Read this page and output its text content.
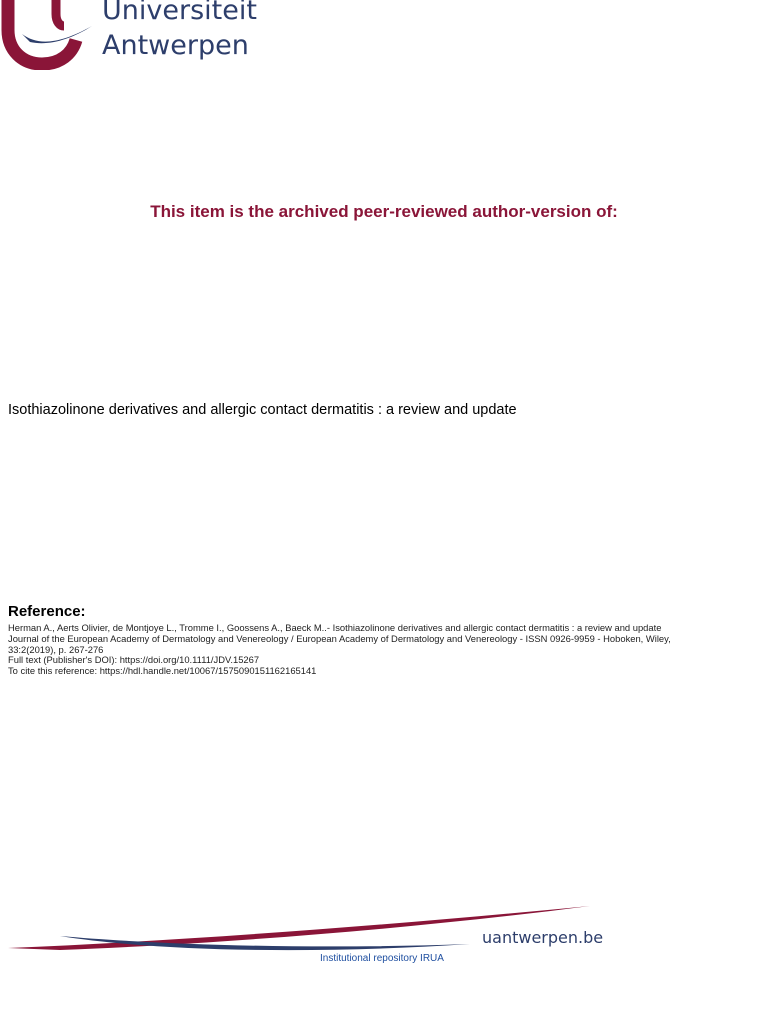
Universiteit
Antwerpen
This item is the archived peer-reviewed author-version of:
Isothiazolinone derivatives and allergic contact dermatitis : a review and update
Reference:
Herman A., Aerts Olivier, de Montjoye L., Tromme I., Goossens A., Baeck M..- Isothiazolinone derivatives and allergic contact dermatitis : a review and update
Journal of the European Academy of Dermatology and Venereology / European Academy of Dermatology and Venereology - ISSN 0926-9959 - Hoboken, Wiley,
33:2(2019), p. 267-276
Full text (Publisher's DOI): https://doi.org/10.1111/JDV.15267
To cite this reference: https://hdl.handle.net/10067/1575090151162165141
uantwerpen.be
Institutional repository IRUA
